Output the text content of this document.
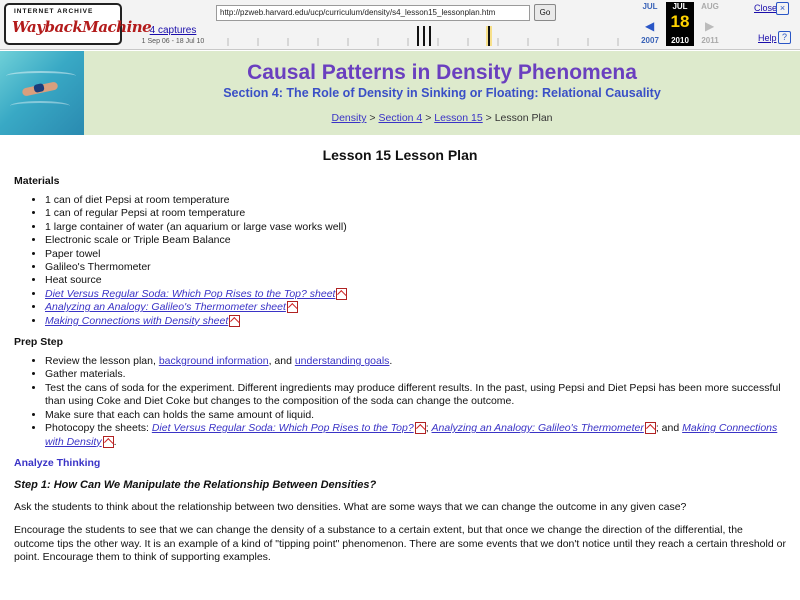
INTERNET ARCHIVE
WaybackMachine
4 captures
1 Sep 06 - 18 Jul 10
http://pzweb.harvard.edu/ucp/curriculum/density/s4_lesson15_lessonplan.htm	Go
JUL	JUL
18
AUG
◀	▶
2007	2010	2011
Close ×
Help ?
Causal Patterns in Density Phenomena
Section 4: The Role of Density in Sinking or Floating: Relational Causality
Density > Section 4 > Lesson 15 > Lesson Plan
Lesson 15 Lesson Plan
Materials
• 1 can of diet Pepsi at room temperature
• 1 can of regular Pepsi at room temperature
• 1 large container of water (an aquarium or large vase works well)
• Electronic scale or Triple Beam Balance
• Paper towel
• Galileo's Thermometer
• Heat source
• Diet Versus Regular Soda: Which Pop Rises to the Top? sheet
• Analyzing an Analogy: Galileo's Thermometer sheet
• Making Connections with Density sheet
Prep Step
• Review the lesson plan, background information, and understanding goals.
• Gather materials.
• Test the cans of soda for the experiment. Different ingredients may produce different results. In the past, using Pepsi and Diet Pepsi has been more successful than using Coke and Diet Coke but changes to the composition of the soda can change the outcome.
• Make sure that each can holds the same amount of liquid.
• Photocopy the sheets: Diet Versus Regular Soda: Which Pop Rises to the Top? ; Analyzing an Analogy: Galileo's Thermometer ; and Making Connections with Density .
Analyze Thinking
Step 1: How Can We Manipulate the Relationship Between Densities?

Ask the students to think about the relationship between two densities. What are some ways that we can change the outcome in any given case?

Encourage the students to see that we can change the density of a substance to a certain extent, but that once we change the direction of the differential, the outcome tips the other way. It is an example of a kind of "tipping point" phenomenon. There are some events that we don't notice until they reach a certain threshold or point. Encourage them to think of supporting examples.
